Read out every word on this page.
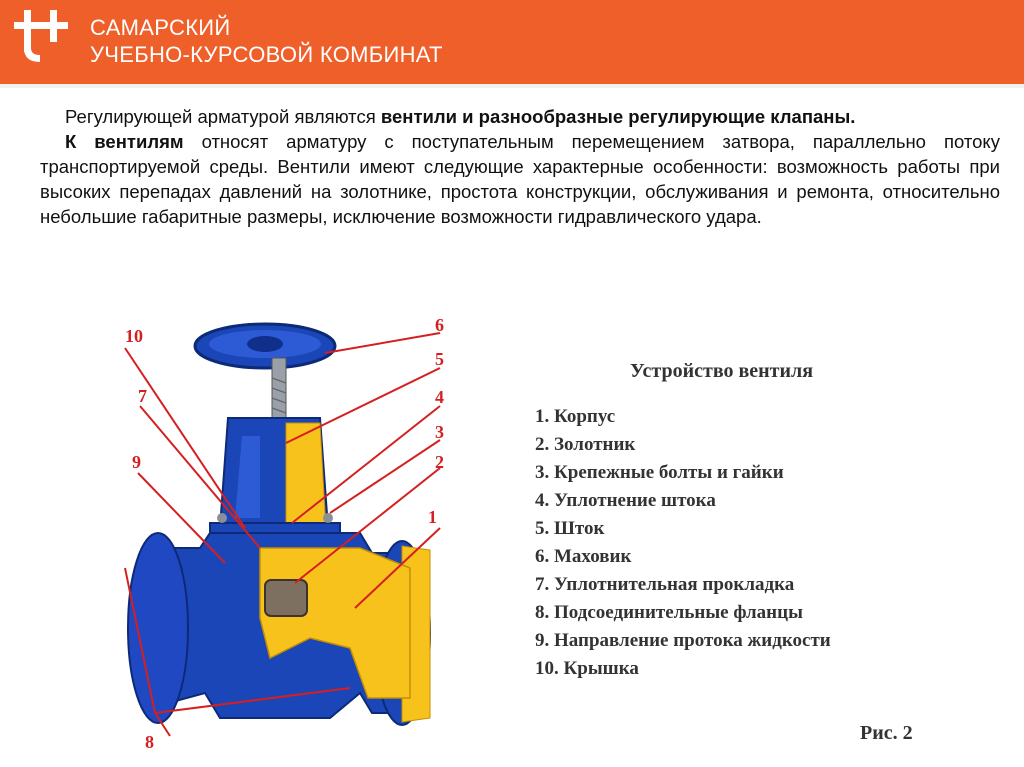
САМАРСКИЙ
УЧЕБНО-КУРСОВОЙ КОМБИНАТ

Регулирующей арматурой являются вентили и разнообразные регулирующие клапаны.

К вентилям относят арматуру с поступательным перемещением затвора, параллельно потоку транспортируемой среды. Вентили имеют следующие характерные особенности: возможность работы при высоких перепадах давлений на золотнике, простота конструкции, обслуживания и ремонта, относительно небольшие габаритные размеры, исключение возможности гидравлического удара.

10
7
9
6
5
4
3
2
1
8
Устройство вентиля
1. Корпус
2. Золотник
3. Крепежные болты и гайки
4. Уплотнение штока
5. Шток
6. Маховик
7. Уплотнительная прокладка
8. Подсоединительные фланцы
9. Направление протока жидкости
10. Крышка
Рис. 2
